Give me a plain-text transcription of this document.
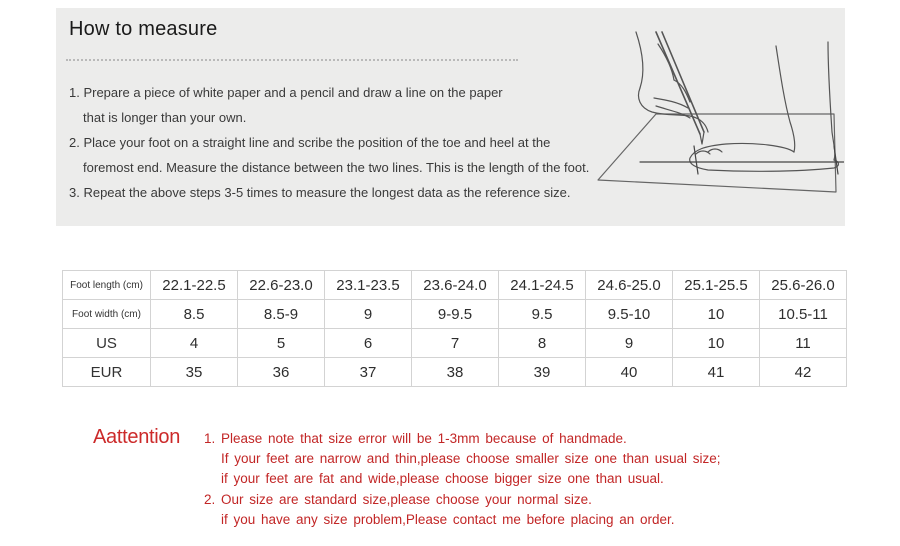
How to measure
1. Prepare a piece of white paper and a pencil and draw a line on the paper
that is longer than your own.
2. Place your foot on a straight line and scribe the position of the toe and heel at the
foremost end. Measure the distance between the two lines. This is the length of the foot.
3. Repeat the above steps 3-5 times to measure the longest data as the reference size.
Foot length (cm)	22.1-22.5	22.6-23.0	23.1-23.5	23.6-24.0	24.1-24.5	24.6-25.0	25.1-25.5	25.6-26.0
Foot width (cm)	8.5	8.5-9	9	9-9.5	9.5	9.5-10	10	10.5-11
US	4	5	6	7	8	9	10	11
EUR	35	36	37	38	39	40	41	42
Aattention 1. Please note that size error will be 1-3mm because of handmade.
If your feet are narrow and thin,please choose smaller size one than usual size;
if your feet are fat and wide,please choose bigger size one than usual.
2. Our size are standard size,please choose your normal size.
if you have any size problem,Please contact me before placing an order.
